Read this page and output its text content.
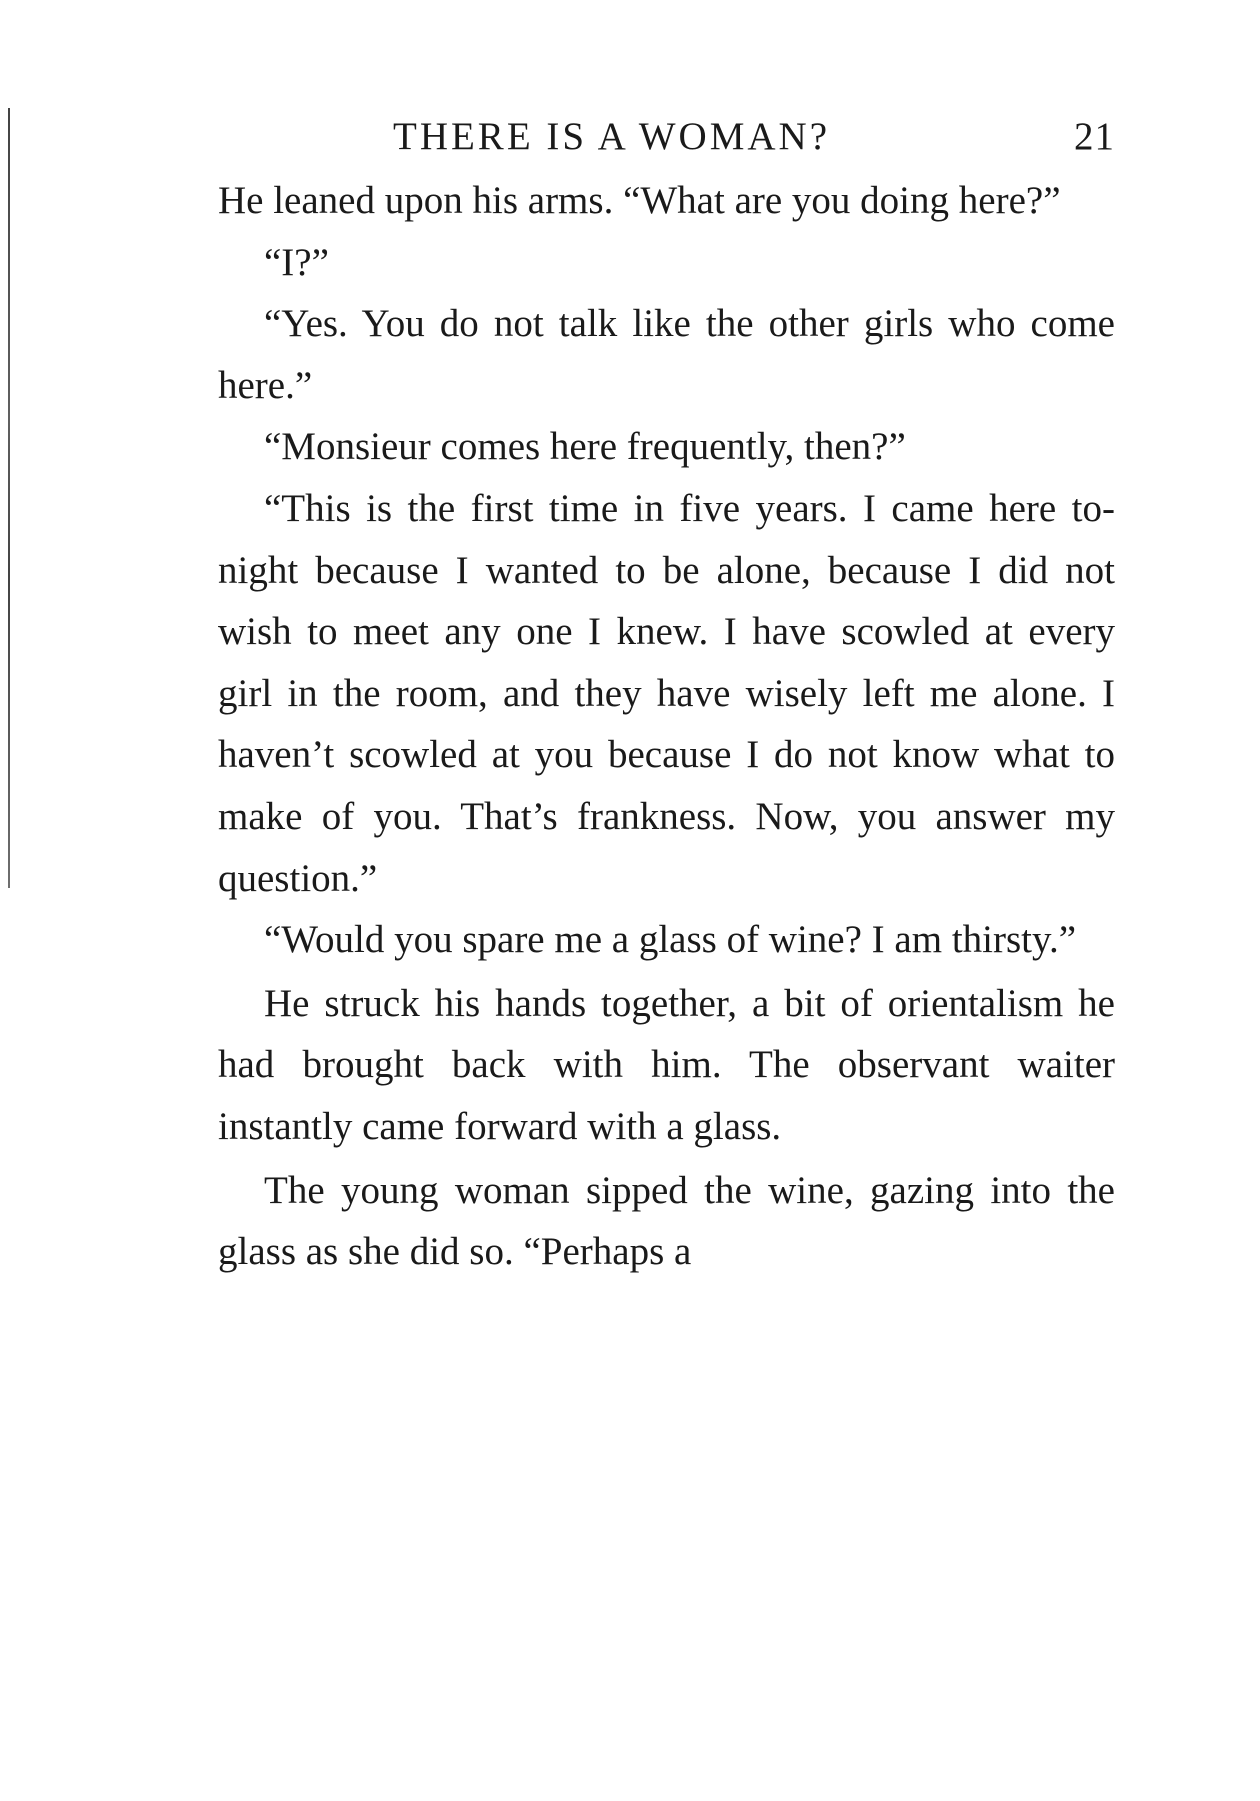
THERE IS A WOMAN?	21

He leaned upon his arms. “What are you doing here?”

“I?”

“Yes. You do not talk like the other girls who come here.”

“Monsieur comes here frequently, then?”

“This is the first time in five years. I came here to-night because I wanted to be alone, because I did not wish to meet any one I knew. I have scowled at every girl in the room, and they have wisely left me alone. I haven’t scowled at you because I do not know what to make of you. That’s frankness. Now, you answer my question.”

“Would you spare me a glass of wine? I am thirsty.”

He struck his hands together, a bit of orientalism he had brought back with him. The observant waiter instantly came forward with a glass.

The young woman sipped the wine, gazing into the glass as she did so. “Perhaps a
